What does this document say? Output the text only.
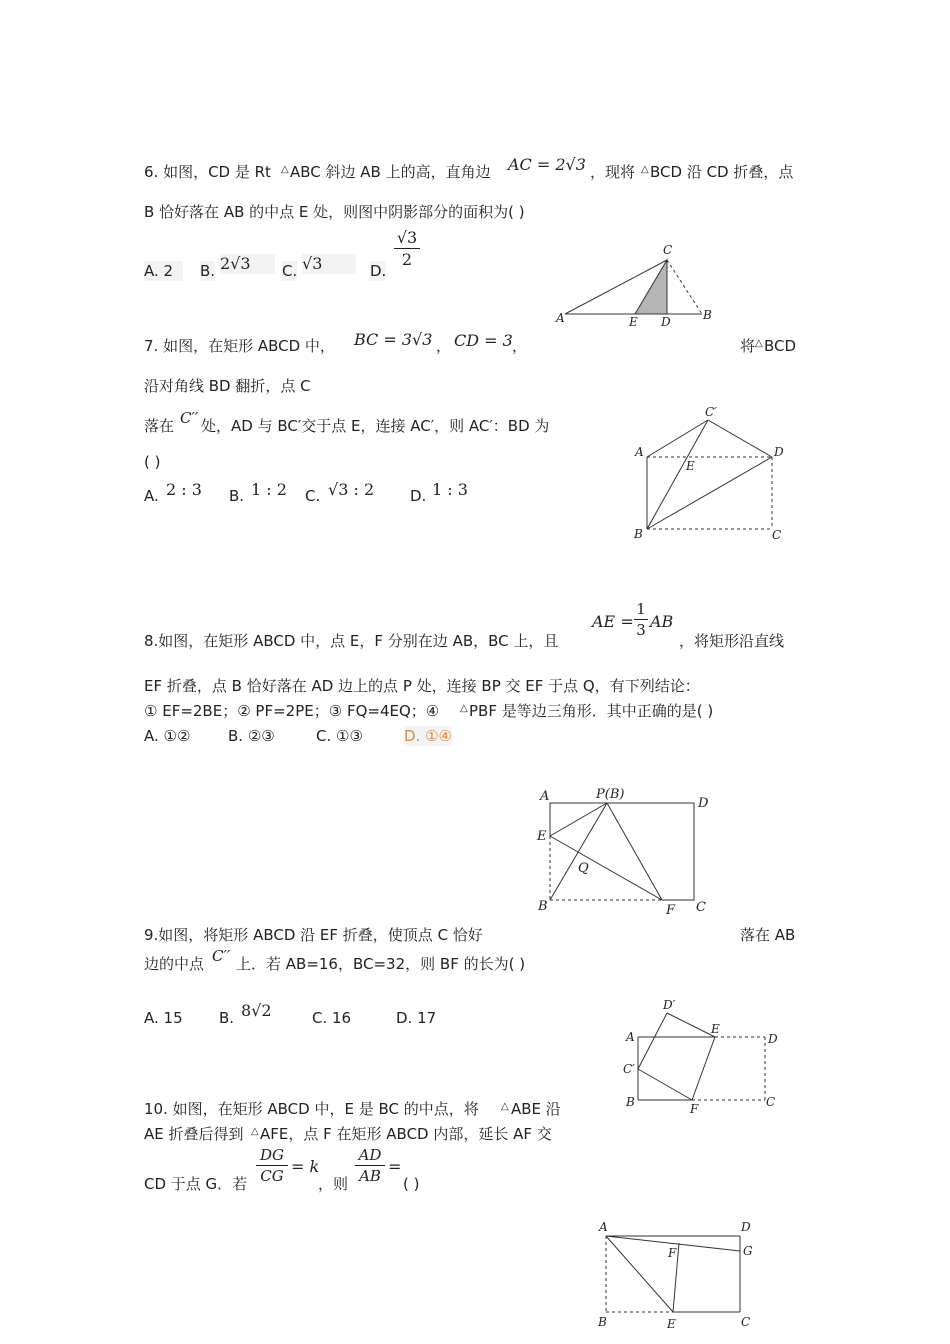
6. 如图，CD 是 Rt △ ABC 斜边 AB 上的高，直角边 AC = 2√3 ，现将 △ BCD 沿 CD 折叠，点
B 恰好落在 AB 的中点 E 处，则图中阴影部分的面积为( )
A. 2	B. 2√3	C. √3	D.
√3
2	C
A	E D	B
7. 如图，在矩形 ABCD 中， BC = 3√3 ， CD = 3 ，	将 △ BCD
沿对角线 BD 翻折，点 C
落在 C′′ 处，AD 与 BC′交于点 E，连接 AC′，则 AC′：BD 为
( )
A. 2 : 3 B. 1 : 2 C. √3 : 2 D. 1 : 3
C′
A
E
D
B	C
8.如图，在矩形 ABCD 中，点 E，F 分别在边 AB，BC 上，且
AE =
1
3 AB
，将矩形沿直线
EF 折叠，点 B 恰好落在 AD 边上的点 P 处，连接 BP 交 EF 于点 Q，有下列结论：
① EF=2BE；② PF=2PE；③ FQ=4EQ；④ △ PBF 是等边三角形．其中正确的是( )
A. ①②	B. ②③	C. ①③	D. ①④
A	P(B)
D
E
Q
B	F C
9.如图，将矩形 ABCD 沿 EF 折叠，使顶点 C 恰好	落在 AB
边的中点 C′′ 上．若 AB=16，BC=32，则 BF 的长为( )
A. 15 B. 8√2	C. 16	D. 17
D′
A
E
D
C′
B	F	C
10. 如图，在矩形 ABCD 中，E 是 BC 的中点，将 △ ABE 沿
AE 折叠后得到 △ AFE，点 F 在矩形 ABCD 内部，延长 AF 交
CD 于点 G．若
DG
CG = k
，则
AD
AB =
( )
A	D
F	G
B	E	C
